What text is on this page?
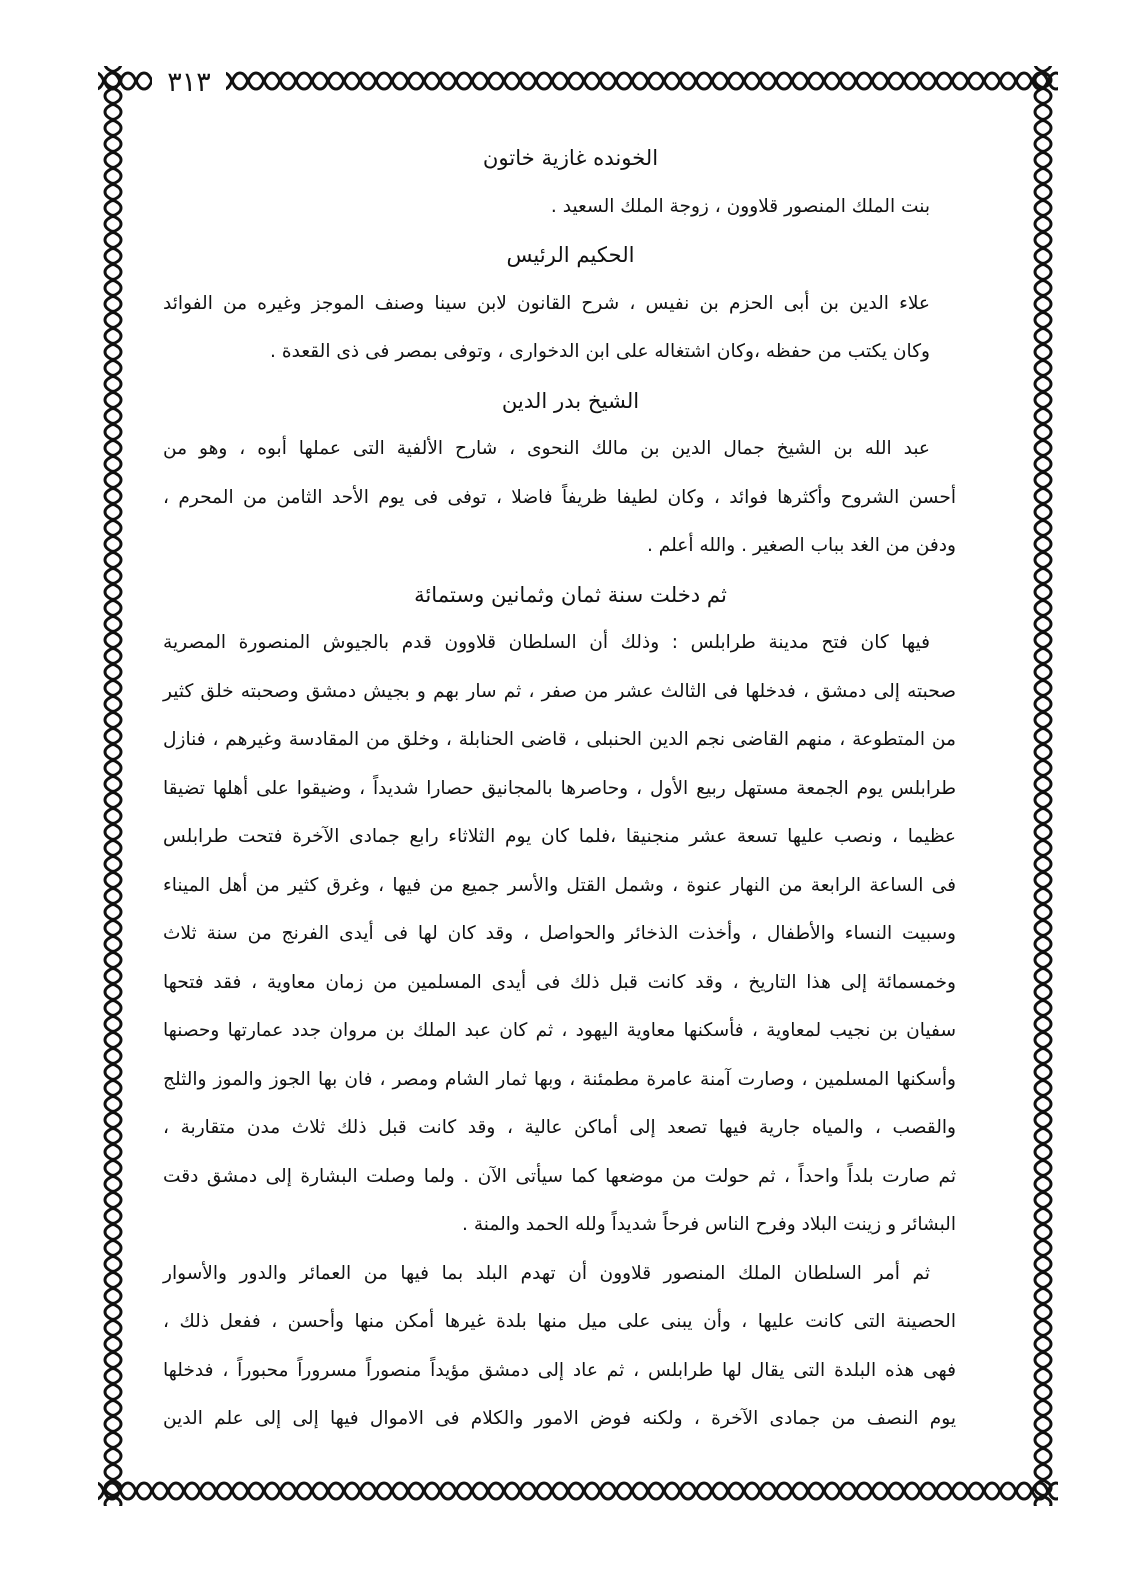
٣١٣
الخونده غازية خاتون
بنت الملك المنصور قلاوون ، زوجة الملك السعيد .
الحكيم الرئيس
علاء الدين بن أبى الحزم بن نفيس ، شرح القانون لابن سينا وصنف الموجز وغيره من الفوائد
وكان يكتب من حفظه ،وكان اشتغاله على ابن الدخوارى ، وتوفى بمصر فى ذى القعدة .
الشيخ بدر الدين
عبد الله بن الشيخ جمال الدين بن مالك النحوى ، شارح الألفية التى عملها أبوه ، وهو من
أحسن الشروح وأكثرها فوائد ، وكان لطيفا ظريفاً فاضلا ، توفى فى يوم الأحد الثامن من المحرم ،
ودفن من الغد بباب الصغير . والله أعلم .
ثم دخلت سنة ثمان وثمانين وستمائة
فيها كان فتح مدينة طرابلس : وذلك أن السلطان قلاوون قدم بالجيوش المنصورة المصرية
صحبته إلى دمشق ، فدخلها فى الثالث عشر من صفر ، ثم سار بهم و بجيش دمشق وصحبته خلق كثير
من المتطوعة ، منهم القاضى نجم الدين الحنبلى ، قاضى الحنابلة ، وخلق من المقادسة وغيرهم ، فنازل
طرابلس يوم الجمعة مستهل ربيع الأول ، وحاصرها بالمجانيق حصارا شديداً ، وضيقوا على أهلها تضيقا
عظيما ، ونصب عليها تسعة عشر منجنيقا ،فلما كان يوم الثلاثاء رابع جمادى الآخرة فتحت طرابلس
فى الساعة الرابعة من النهار عنوة ، وشمل القتل والأسر جميع من فيها ، وغرق كثير من أهل الميناء
وسبيت النساء والأطفال ، وأخذت الذخائر والحواصل ، وقد كان لها فى أيدى الفرنج من سنة ثلاث
وخمسمائة إلى هذا التاريخ ، وقد كانت قبل ذلك فى أيدى المسلمين من زمان معاوية ، فقد فتحها
سفيان بن نجيب لمعاوية ، فأسكنها معاوية اليهود ، ثم كان عبد الملك بن مروان جدد عمارتها وحصنها
وأسكنها المسلمين ، وصارت آمنة عامرة مطمئنة ، وبها ثمار الشام ومصر ، فان بها الجوز والموز والثلج
والقصب ، والمياه جارية فيها تصعد إلى أماكن عالية ، وقد كانت قبل ذلك ثلاث مدن متقاربة ،
ثم صارت بلداً واحداً ، ثم حولت من موضعها كما سيأتى الآن . ولما وصلت البشارة إلى دمشق دقت
البشائر و زينت البلاد وفرح الناس فرحاً شديداً ولله الحمد والمنة .
ثم أمر السلطان الملك المنصور قلاوون أن تهدم البلد بما فيها من العمائر والدور والأسوار
الحصينة التى كانت عليها ، وأن يبنى على ميل منها بلدة غيرها أمكن منها وأحسن ، ففعل ذلك ،
فهى هذه البلدة التى يقال لها طرابلس ، ثم عاد إلى دمشق مؤيداً منصوراً مسروراً محبوراً ، فدخلها
يوم النصف من جمادى الآخرة ، ولكنه فوض الامور والكلام فى الاموال فيها إلى إلى علم الدين
